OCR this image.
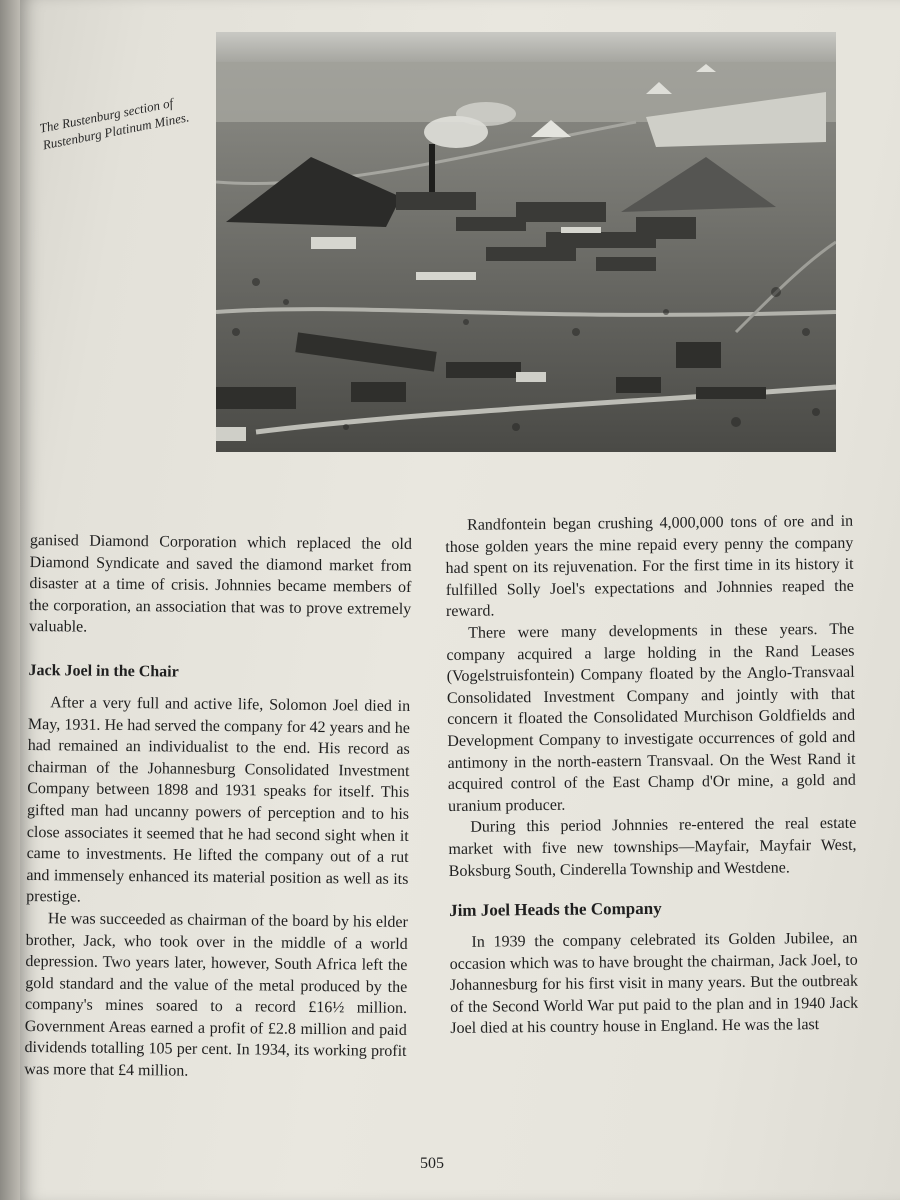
The Rustenburg section of Rustenburg Platinum Mines.

ganised Diamond Corporation which replaced the old Diamond Syndicate and saved the diamond market from disaster at a time of crisis. Johnnies became members of the corporation, an association that was to prove extremely valuable.

Jack Joel in the Chair

After a very full and active life, Solomon Joel died in May, 1931. He had served the company for 42 years and he had remained an individualist to the end. His record as chairman of the Johannesburg Consolidated Investment Company between 1898 and 1931 speaks for itself. This gifted man had uncanny powers of perception and to his close associates it seemed that he had second sight when it came to investments. He lifted the company out of a rut and immensely enhanced its material position as well as its prestige.

He was succeeded as chairman of the board by his elder brother, Jack, who took over in the middle of a world depression. Two years later, however, South Africa left the gold standard and the value of the metal produced by the company's mines soared to a record £16½ million. Government Areas earned a profit of £2.8 million and paid dividends totalling 105 per cent. In 1934, its working profit was more that £4 million.

Randfontein began crushing 4,000,000 tons of ore and in those golden years the mine repaid every penny the company had spent on its rejuvenation. For the first time in its history it fulfilled Solly Joel's expectations and Johnnies reaped the reward.

There were many developments in these years. The company acquired a large holding in the Rand Leases (Vogelstruisfontein) Company floated by the Anglo-Transvaal Consolidated Investment Company and jointly with that concern it floated the Consolidated Murchison Goldfields and Development Company to investigate occurrences of gold and antimony in the north-eastern Transvaal. On the West Rand it acquired control of the East Champ d'Or mine, a gold and uranium producer.

During this period Johnnies re-entered the real estate market with five new townships—Mayfair, Mayfair West, Boksburg South, Cinderella Township and Westdene.

Jim Joel Heads the Company

In 1939 the company celebrated its Golden Jubilee, an occasion which was to have brought the chairman, Jack Joel, to Johannesburg for his first visit in many years. But the outbreak of the Second World War put paid to the plan and in 1940 Jack Joel died at his country house in England. He was the last

505
